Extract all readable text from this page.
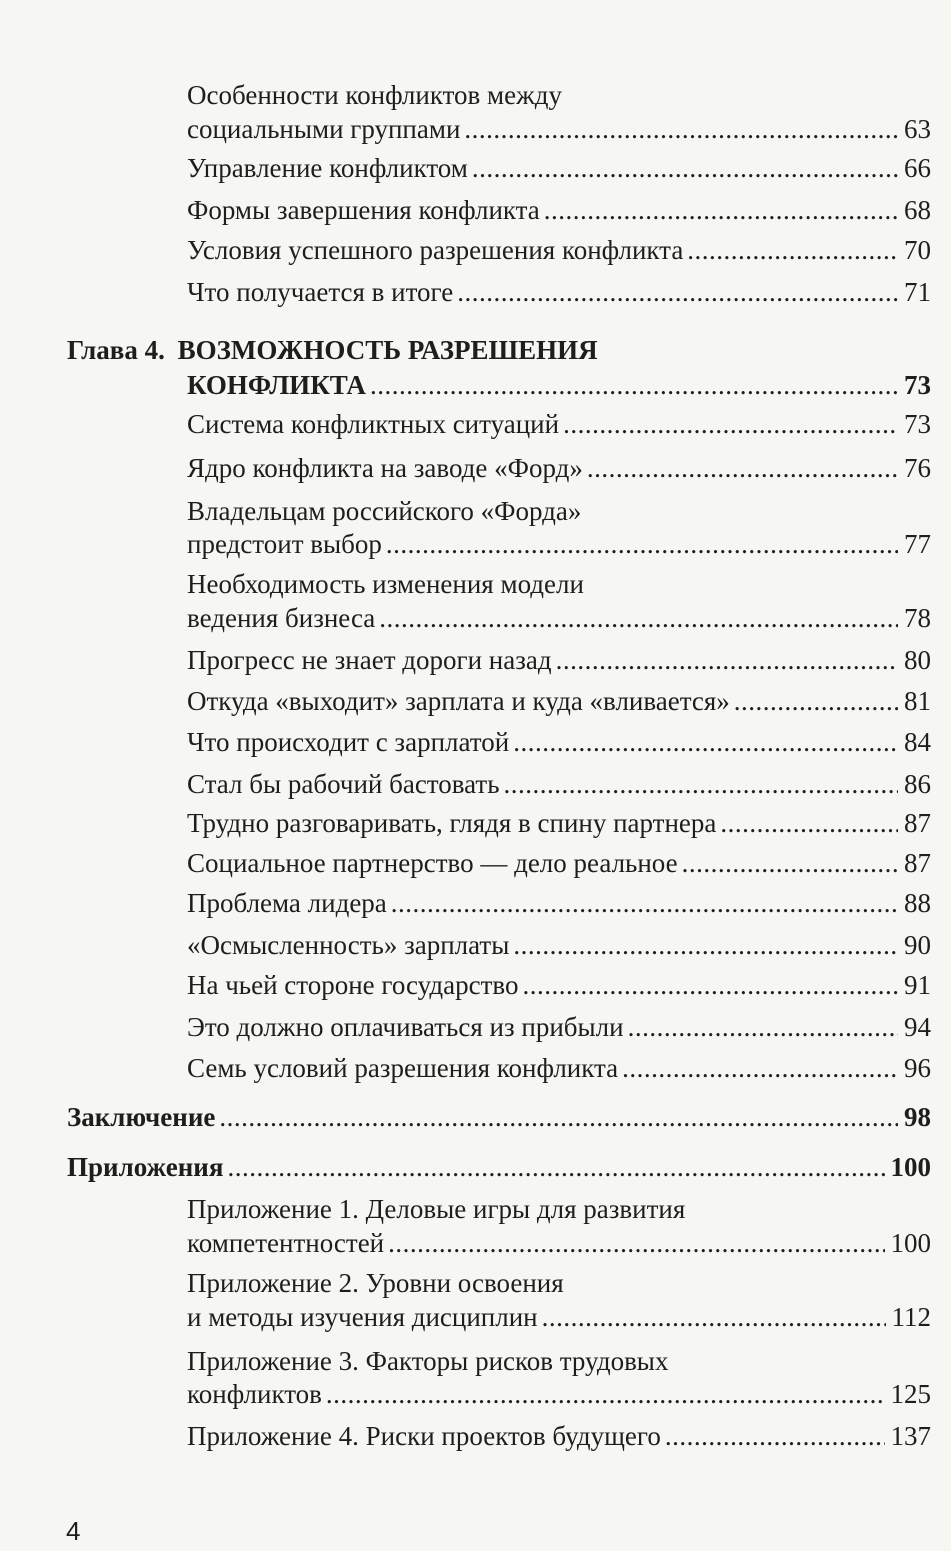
Особенности конфликтов между
социальными группами .....	63
Управление конфликтом .....	66
Формы завершения конфликта .....	68
Условия успешного разрешения конфликта .....	70
Что получается в итоге .....	71
Глава 4. ВОЗМОЖНОСТЬ РАЗРЕШЕНИЯ
КОНФЛИКТА .....	73
Система конфликтных ситуаций .....	73
Ядро конфликта на заводе «Форд» .....	76
Владельцам российского «Форда»
предстоит выбор .....	77
Необходимость изменения модели
ведения бизнеса .....	78
Прогресс не знает дороги назад .....	80
Откуда «выходит» зарплата и куда «вливается» .....	81
Что происходит с зарплатой .....	84
Стал бы рабочий бастовать .....	86
Трудно разговаривать, глядя в спину партнера .....	87
Социальное партнерство — дело реальное .....	87
Проблема лидера .....	88
«Осмысленность» зарплаты .....	90
На чьей стороне государство .....	91
Это должно оплачиваться из прибыли .....	94
Семь условий разрешения конфликта .....	96
Заключение .....	98
Приложения .....	100
Приложение 1. Деловые игры для развития
компетентностей .....	100
Приложение 2. Уровни освоения
и методы изучения дисциплин .....	112
Приложение 3. Факторы рисков трудовых
конфликтов .....	125
Приложение 4. Риски проектов будущего .....	137
4
